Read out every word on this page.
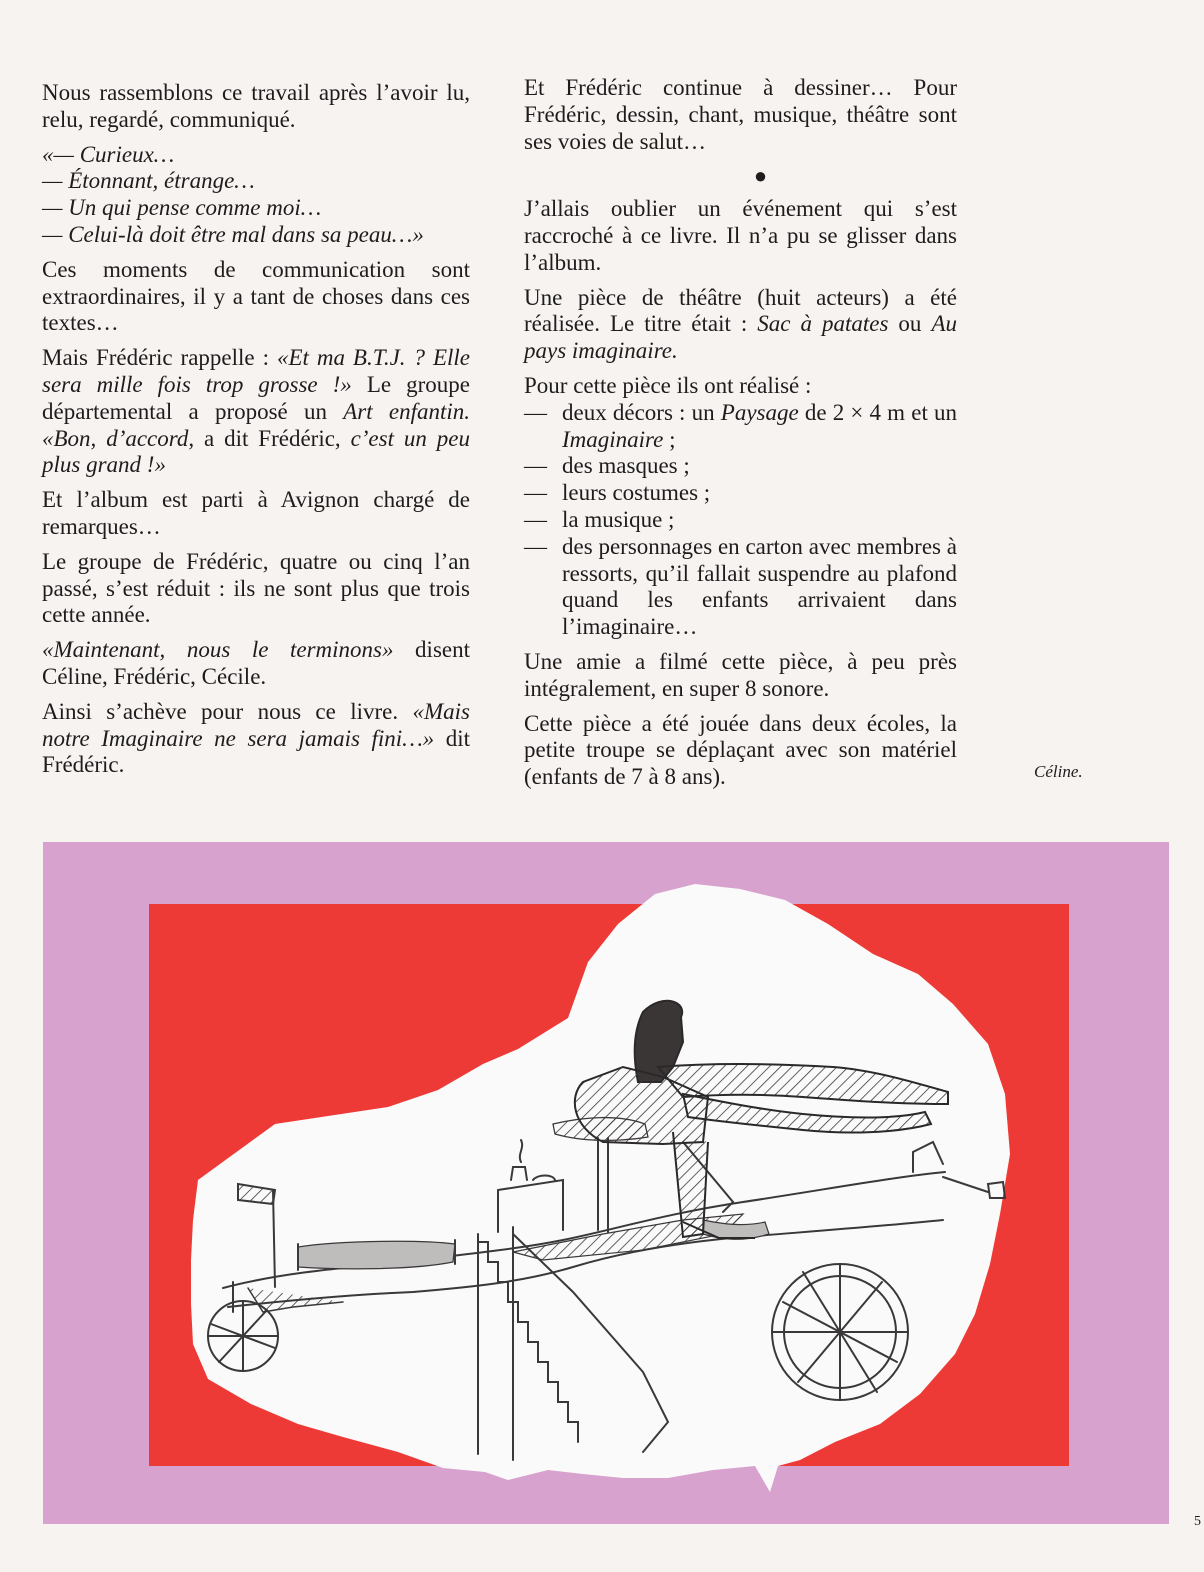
Nous rassemblons ce travail après l’avoir lu, relu, regardé, communiqué.

«— Curieux…
— Étonnant, étrange…
— Un qui pense comme moi…
— Celui-là doit être mal dans sa peau…»

Ces moments de communication sont extraordinaires, il y a tant de choses dans ces textes…

Mais Frédéric rappelle : «Et ma B.T.J. ? Elle sera mille fois trop grosse !» Le groupe départemental a proposé un Art enfantin. «Bon, d’accord, a dit Frédéric, c’est un peu plus grand !»

Et l’album est parti à Avignon chargé de remarques…

Le groupe de Frédéric, quatre ou cinq l’an passé, s’est réduit : ils ne sont plus que trois cette année.

«Maintenant, nous le terminons» disent Céline, Frédéric, Cécile.

Ainsi s’achève pour nous ce livre. «Mais notre Imaginaire ne sera jamais fini…» dit Frédéric.

Et Frédéric continue à dessiner… Pour Frédéric, dessin, chant, musique, théâtre sont ses voies de salut…

●

J’allais oublier un événement qui s’est raccroché à ce livre. Il n’a pu se glisser dans l’album.

Une pièce de théâtre (huit acteurs) a été réalisée. Le titre était : Sac à patates ou Au pays imaginaire.

Pour cette pièce ils ont réalisé :
— deux décors : un Paysage de 2 × 4 m et un Imaginaire ;
— des masques ;
— leurs costumes ;
— la musique ;
— des personnages en carton avec membres à ressorts, qu’il fallait suspendre au plafond quand les enfants arrivaient dans l’imaginaire…

Une amie a filmé cette pièce, à peu près intégralement, en super 8 sonore.

Cette pièce a été jouée dans deux écoles, la petite troupe se déplaçant avec son matériel (enfants de 7 à 8 ans).	Céline.
5
